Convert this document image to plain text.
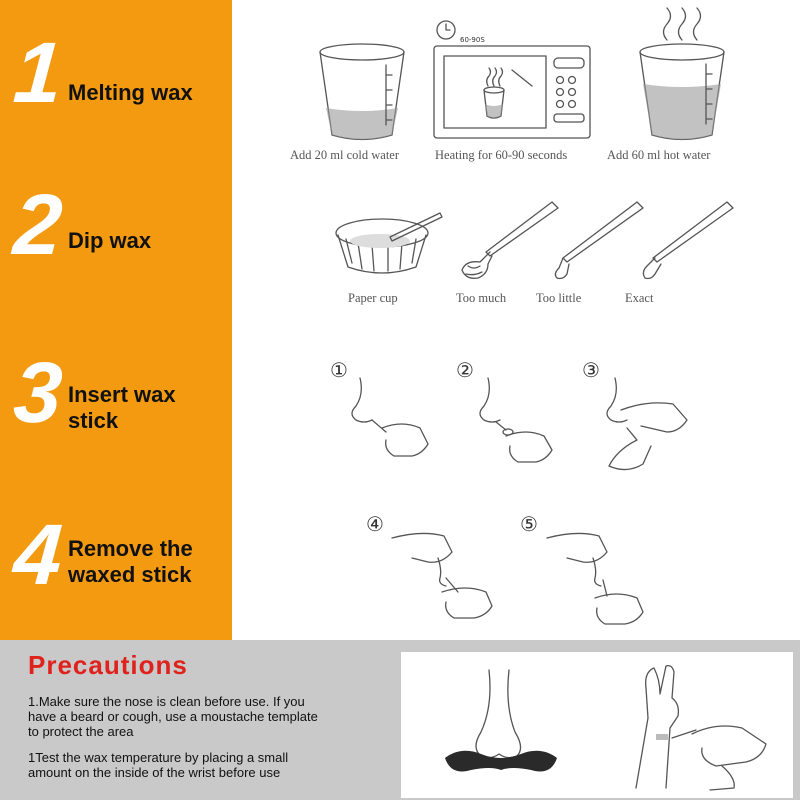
1 Melting wax
2 Dip wax
3 Insert wax
stick
4 Remove the
waxed stick
Add 20 ml cold water
60-90S
Heating for 60-90 seconds	Add 60 ml hot water
Paper cup	Too much Too little	Exact
①	②	③
④	⑤
Precautions
1.Make sure the nose is clean before use. If you
have a beard or cough, use a moustache template
to protect the area
1Test the wax temperature by placing a small
amount on the inside of the wrist before use
